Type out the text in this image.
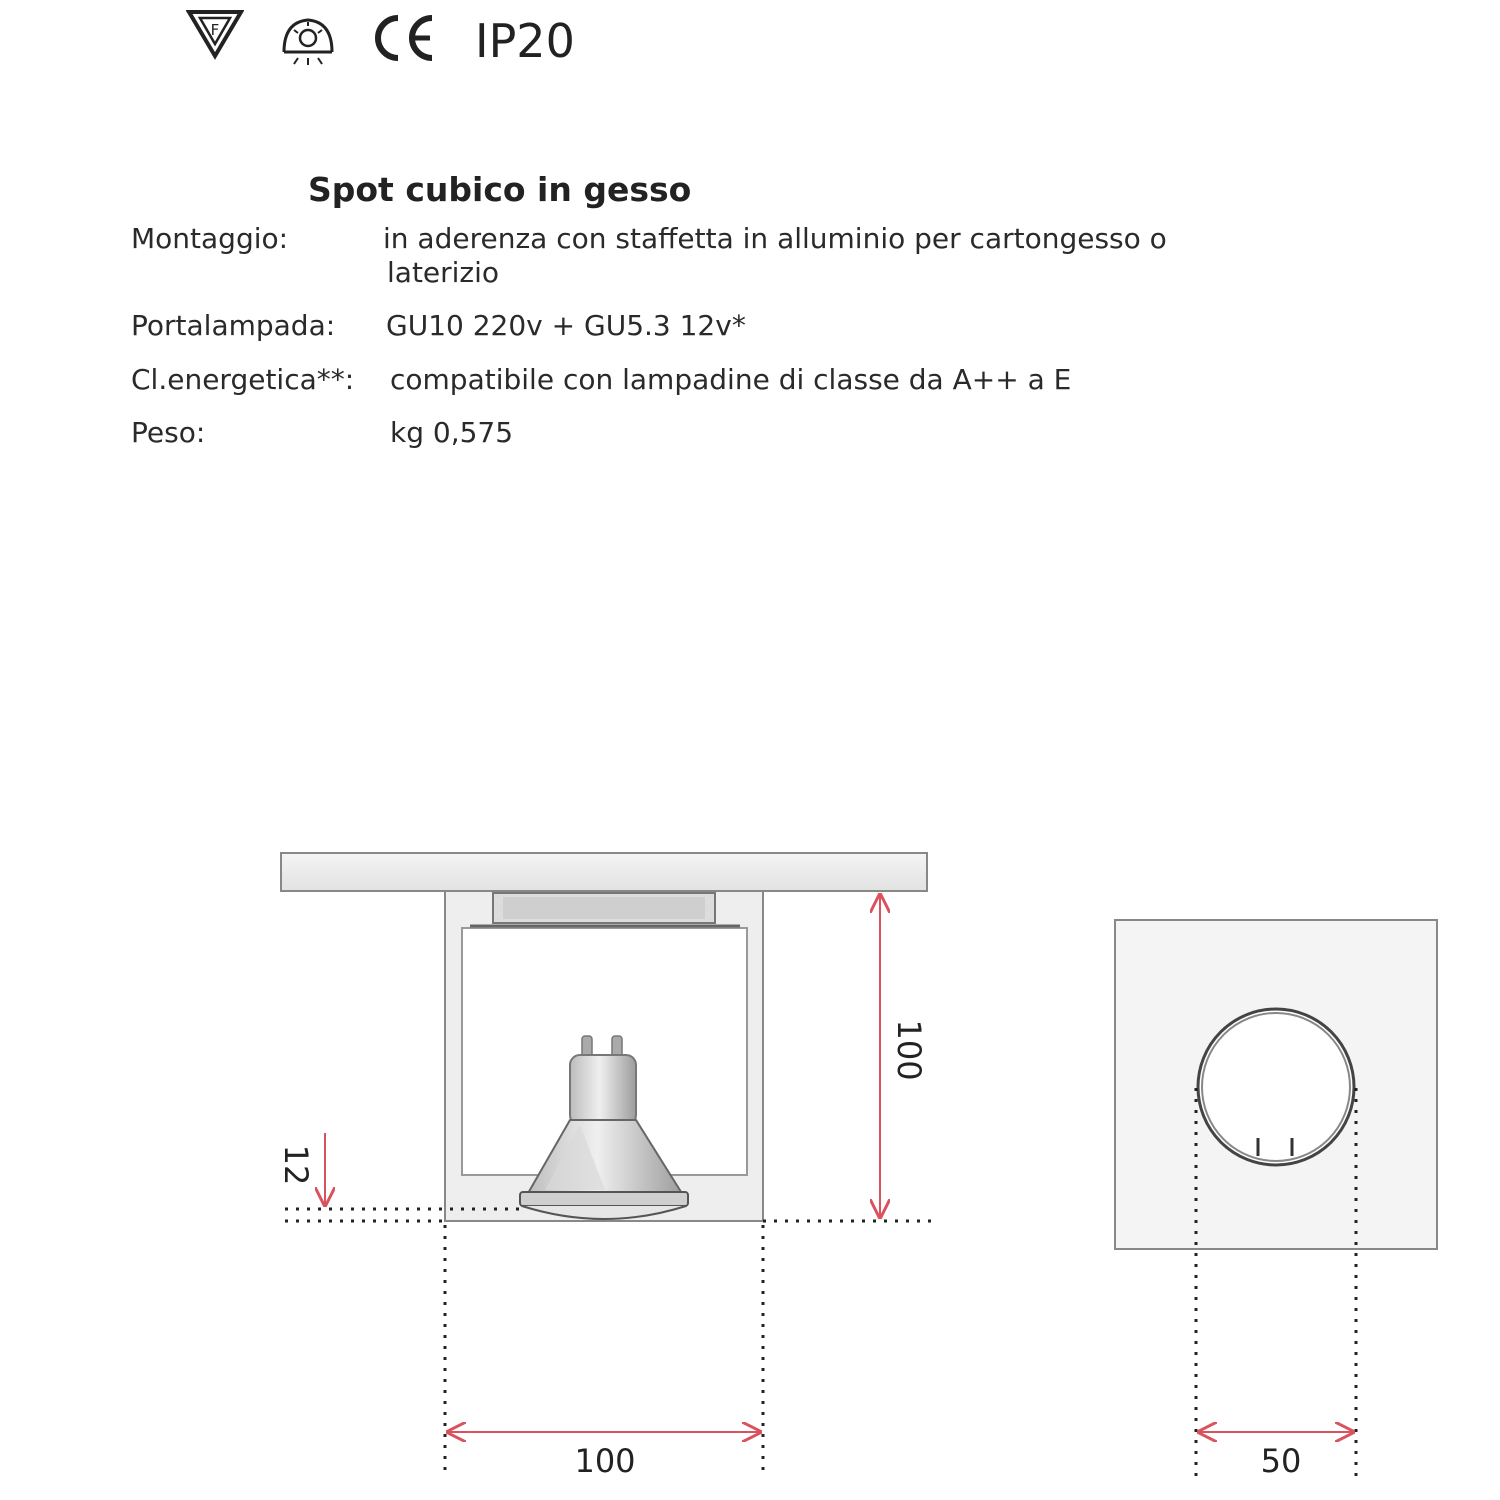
F	IP20
Spot cubico in gesso
Montaggio:	in aderenza con staffetta in alluminio per cartongesso o
laterizio
Portalampada: GU10 220v + GU5.3 12v*
Cl.energetica**: compatibile con lampadine di classe da A++ a E
Peso:	kg 0,575
100
12
100	50
